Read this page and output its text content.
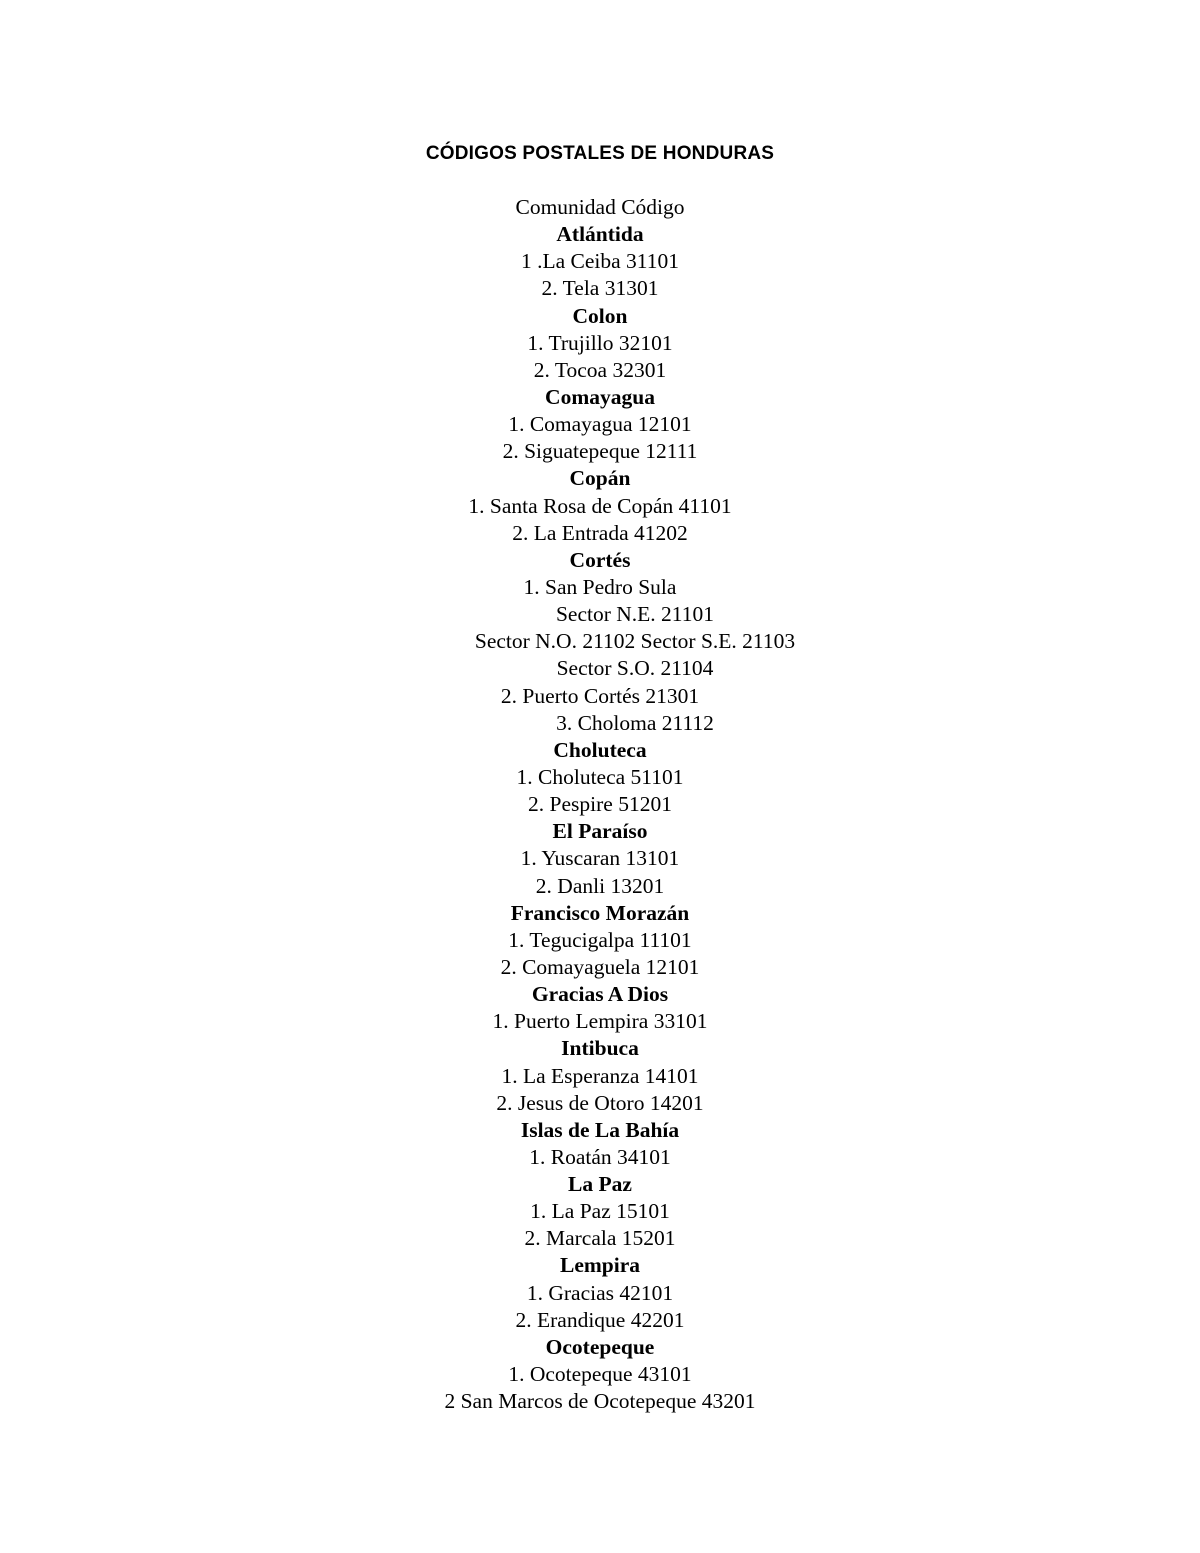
CÓDIGOS POSTALES DE HONDURAS
Comunidad Código
Atlántida
1 .La Ceiba 31101
2. Tela 31301
Colon
1. Trujillo 32101
2. Tocoa 32301
Comayagua
1. Comayagua 12101
2. Siguatepeque 12111
Copán
1. Santa Rosa de Copán 41101
2. La Entrada 41202
Cortés
1. San Pedro Sula
Sector N.E. 21101
Sector N.O. 21102 Sector S.E. 21103
Sector S.O. 21104
2. Puerto Cortés 21301
3. Choloma 21112
Choluteca
1. Choluteca 51101
2. Pespire 51201
El Paraíso
1. Yuscaran 13101
2. Danli 13201
Francisco Morazán
1. Tegucigalpa 11101
2. Comayaguela 12101
Gracias A Dios
1. Puerto Lempira 33101
Intibuca
1. La Esperanza 14101
2. Jesus de Otoro 14201
Islas de La Bahía
1. Roatán 34101
La Paz
1. La Paz 15101
2. Marcala 15201
Lempira
1. Gracias 42101
2. Erandique 42201
Ocotepeque
1. Ocotepeque 43101
2 San Marcos de Ocotepeque 43201
